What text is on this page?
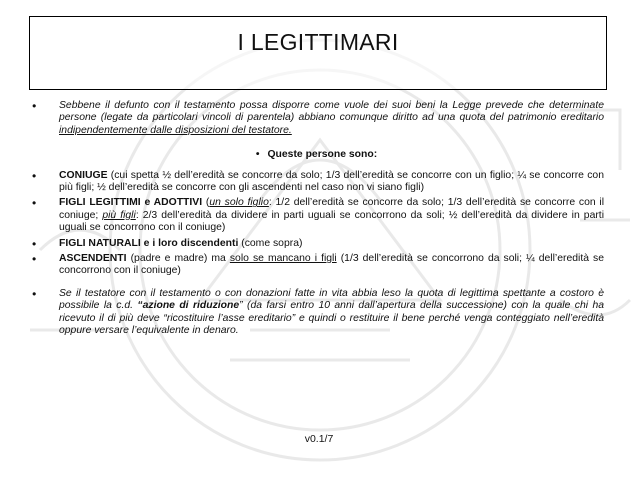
I LEGITTIMARI
• Sebbene il defunto con il testamento possa disporre come vuole dei suoi beni la Legge prevede che determinate persone (legate da particolari vincoli di parentela) abbiano comunque diritto ad una quota del patrimonio ereditario indipendentemente dalle disposizioni del testatore.
• Queste persone sono:
• CONIUGE (cui spetta ½ dell’eredità se concorre da solo; 1/3 dell’eredità se concorre con un figlio; ¼ se concorre con più figli; ½ dell’eredità se concorre con gli ascendenti nel caso non vi siano figli)
• FIGLI LEGITTIMI e ADOTTIVI (un solo figlio: 1/2 dell’eredità se concorre da solo; 1/3 dell’eredità se concorre con il coniuge; più figli: 2/3 dell’eredità da dividere in parti uguali se concorrono da soli; ½ dell’eredità da dividere in parti uguali se concorrono con il coniuge)
• FIGLI NATURALI e i loro discendenti (come sopra)
• ASCENDENTI (padre e madre) ma solo se mancano i figli (1/3 dell’eredità se concorrono da soli; ¼ dell’eredità se concorrono con il coniuge)
• Se il testatore con il testamento o con donazioni fatte in vita abbia leso la quota di legittima spettante a costoro è possibile la c.d. “azione di riduzione” (da farsi entro 10 anni dall’apertura della successione) con la quale chi ha ricevuto il di più deve “ricostituire l’asse ereditario” e quindi o restituire il bene perché venga conteggiato nell’eredità oppure versare l’equivalente in denaro.
v0.1/7
